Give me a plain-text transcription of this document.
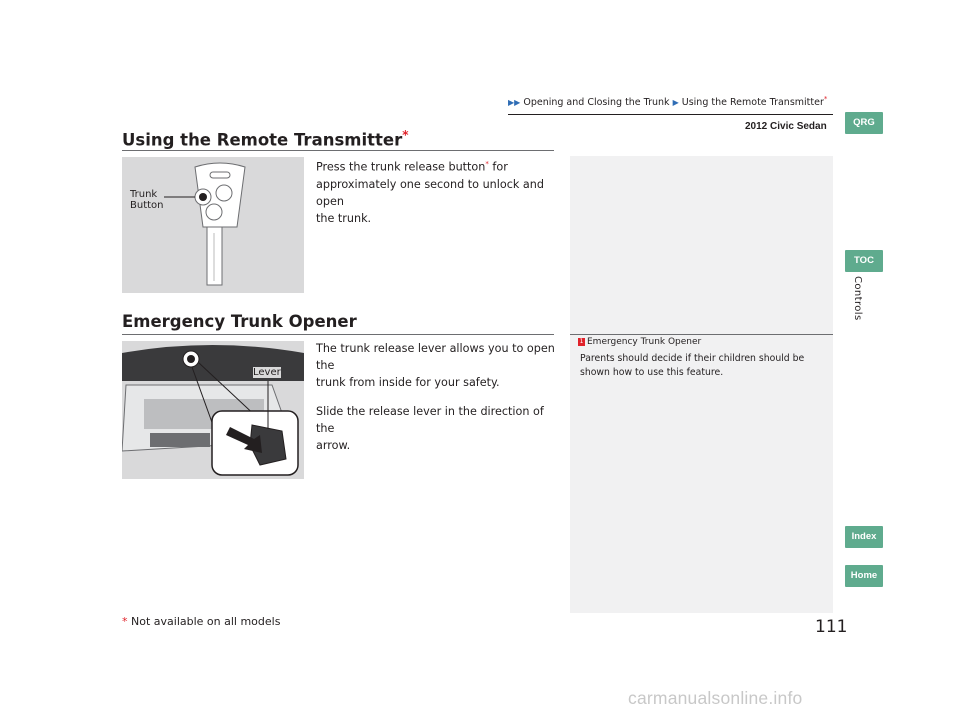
▶▶ Opening and Closing the Trunk ▶ Using the Remote Transmitter*
2012 Civic Sedan
Using the Remote Transmitter*
Trunk
Button
Press the trunk release button* for
approximately one second to unlock and open
the trunk.
Emergency Trunk Opener
Lever
The trunk release lever allows you to open the
trunk from inside for your safety.
Slide the release lever in the direction of the
arrow.
1 Emergency Trunk Opener
Parents should decide if their children should be
shown how to use this feature.
QRG
TOC
Controls
Index
Home
* Not available on all models	111
carmanualsonline.info
